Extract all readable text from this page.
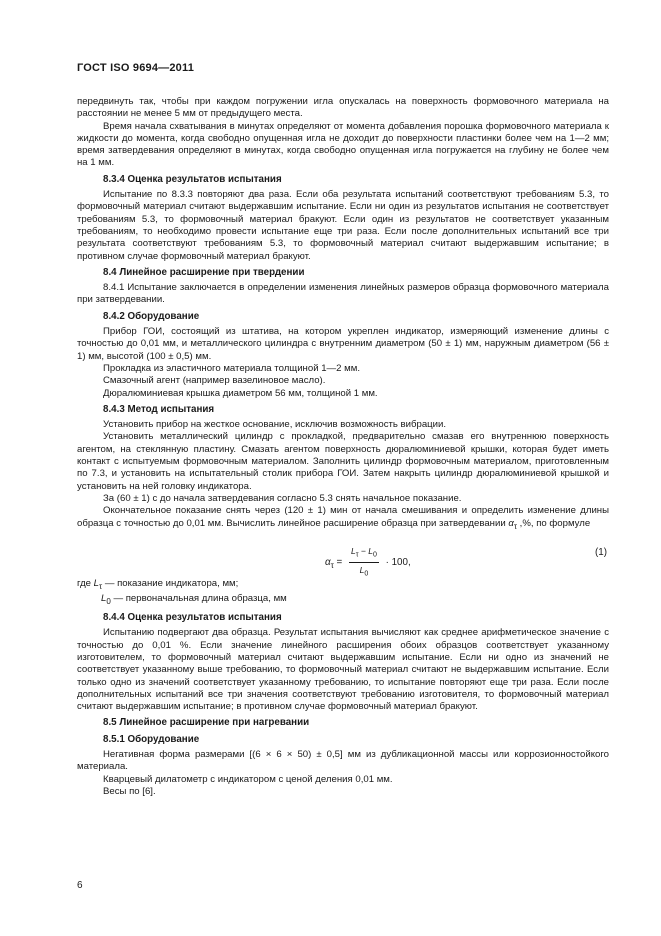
ГОСТ ISO 9694—2011

передвинуть так, чтобы при каждом погружении игла опускалась на поверхность формовочного материала на расстоянии не менее 5 мм от предыдущего места.

Время начала схватывания в минутах определяют от момента добавления порошка формовочного материала к жидкости до момента, когда свободно опущенная игла не доходит до поверхности пластинки более чем на 1—2 мм; время затвердевания определяют в минутах, когда свободно опущенная игла погружается на глубину не более чем на 1 мм.

8.3.4 Оценка результатов испытания

Испытание по 8.3.3 повторяют два раза. Если оба результата испытаний соответствуют требованиям 5.3, то формовочный материал считают выдержавшим испытание. Если ни один из результатов испытания не соответствует требованиям 5.3, то формовочный материал бракуют. Если один из результатов не соответствует указанным требованиям, то необходимо провести испытание еще три раза. Если после дополнительных испытаний все три результата соответствуют требованиям 5.3, то формовочный материал считают выдержавшим испытание; в противном случае формовочный материал бракуют.

8.4 Линейное расширение при твердении

8.4.1 Испытание заключается в определении изменения линейных размеров образца формовочного материала при затвердевании.

8.4.2 Оборудование

Прибор ГОИ, состоящий из штатива, на котором укреплен индикатор, измеряющий изменение длины с точностью до 0,01 мм, и металлического цилиндра с внутренним диаметром (50 ± 1) мм, наружным диаметром (56 ± 1) мм, высотой (100 ± 0,5) мм.

Прокладка из эластичного материала толщиной 1—2 мм.

Смазочный агент (например вазелиновое масло).

Дюралюминиевая крышка диаметром 56 мм, толщиной 1 мм.

8.4.3 Метод испытания

Установить прибор на жесткое основание, исключив возможность вибрации.

Установить металлический цилиндр с прокладкой, предварительно смазав его внутреннюю поверхность агентом, на стеклянную пластину. Смазать агентом поверхность дюралюминиевой крышки, которая будет иметь контакт с испытуемым формовочным материалом. Заполнить цилиндр формовочным материалом, приготовленным по 7.3, и установить на испытательный столик прибора ГОИ. Затем накрыть цилиндр дюралюминиевой крышкой и установить на ней головку индикатора.

За (60 ± 1) с до начала затвердевания согласно 5.3 снять начальное показание.

Окончательное показание снять через (120 ± 1) мин от начала смешивания и определить изменение длины образца с точностью до 0,01 мм. Вычислить линейное расширение образца при затвердевании $\alpha_\tau$ ,%, по формуле

$\alpha_\tau = \frac{L_\tau - L_0}{L_0} \cdot 100$,
(1)

где $L_\tau$ — показание индикатора, мм;

$L_0$ — первоначальная длина образца, мм

8.4.4 Оценка результатов испытания

Испытанию подвергают два образца. Результат испытания вычисляют как среднее арифметическое значение с точностью до 0,01 %. Если значение линейного расширения обоих образцов соответствует указанному изготовителем, то формовочный материал считают выдержавшим испытание. Если ни одно из значений не соответствует указанному выше требованию, то формовочный материал считают не выдержавшим испытание. Если только одно из значений соответствует указанному требованию, то испытание повторяют еще три раза. Если после дополнительных испытаний все три значения соответствуют требованию изготовителя, то формовочный материал считают выдержавшим испытание; в противном случае формовочный материал бракуют.

8.5 Линейное расширение при нагревании
8.5.1 Оборудование

Негативная форма размерами [(6 × 6 × 50) ± 0,5] мм из дубликационной массы или коррозионностойкого материала.

Кварцевый дилатометр с индикатором с ценой деления 0,01 мм.

Весы по [6].

6
